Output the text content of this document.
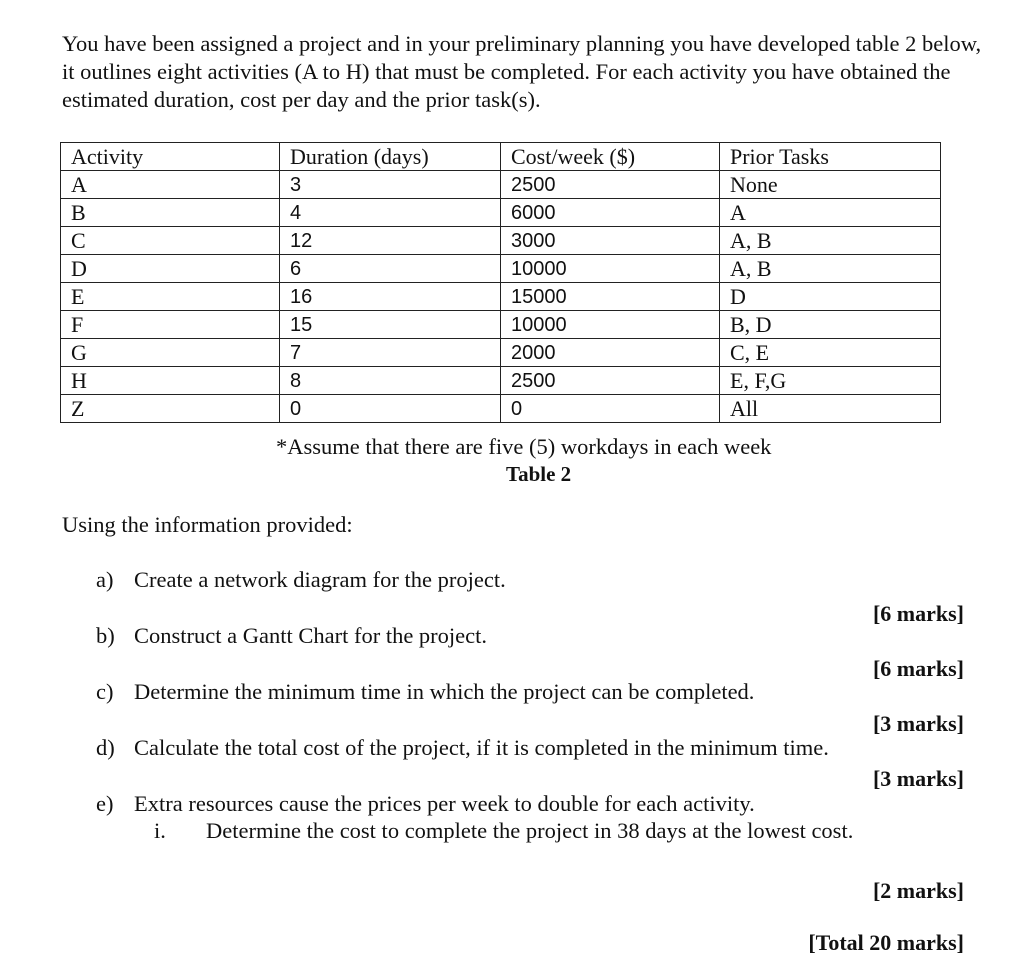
You have been assigned a project and in your preliminary planning you have developed table 2 below, it outlines eight activities (A to H) that must be completed. For each activity you have obtained the estimated duration, cost per day and the prior task(s).

Activity	Duration (days)	Cost/week ($)	Prior Tasks
A	3	2500	None
B	4	6000	A
C	12	3000	A, B
D	6	10000	A, B
E	16	15000	D
F	15	10000	B, D
G	7	2000	C, E
H	8	2500	E, F,G
Z	0	0	All

*Assume that there are five (5) workdays in each week

Table 2

Using the information provided:

a) Create a network diagram for the project.

[6 marks]

b) Construct a Gantt Chart for the project.

[6 marks]

c) Determine the minimum time in which the project can be completed.

[3 marks]

d) Calculate the total cost of the project, if it is completed in the minimum time.

[3 marks]

e) Extra resources cause the prices per week to double for each activity.

i. Determine the cost to complete the project in 38 days at the lowest cost.

[2 marks]

[Total 20 marks]
